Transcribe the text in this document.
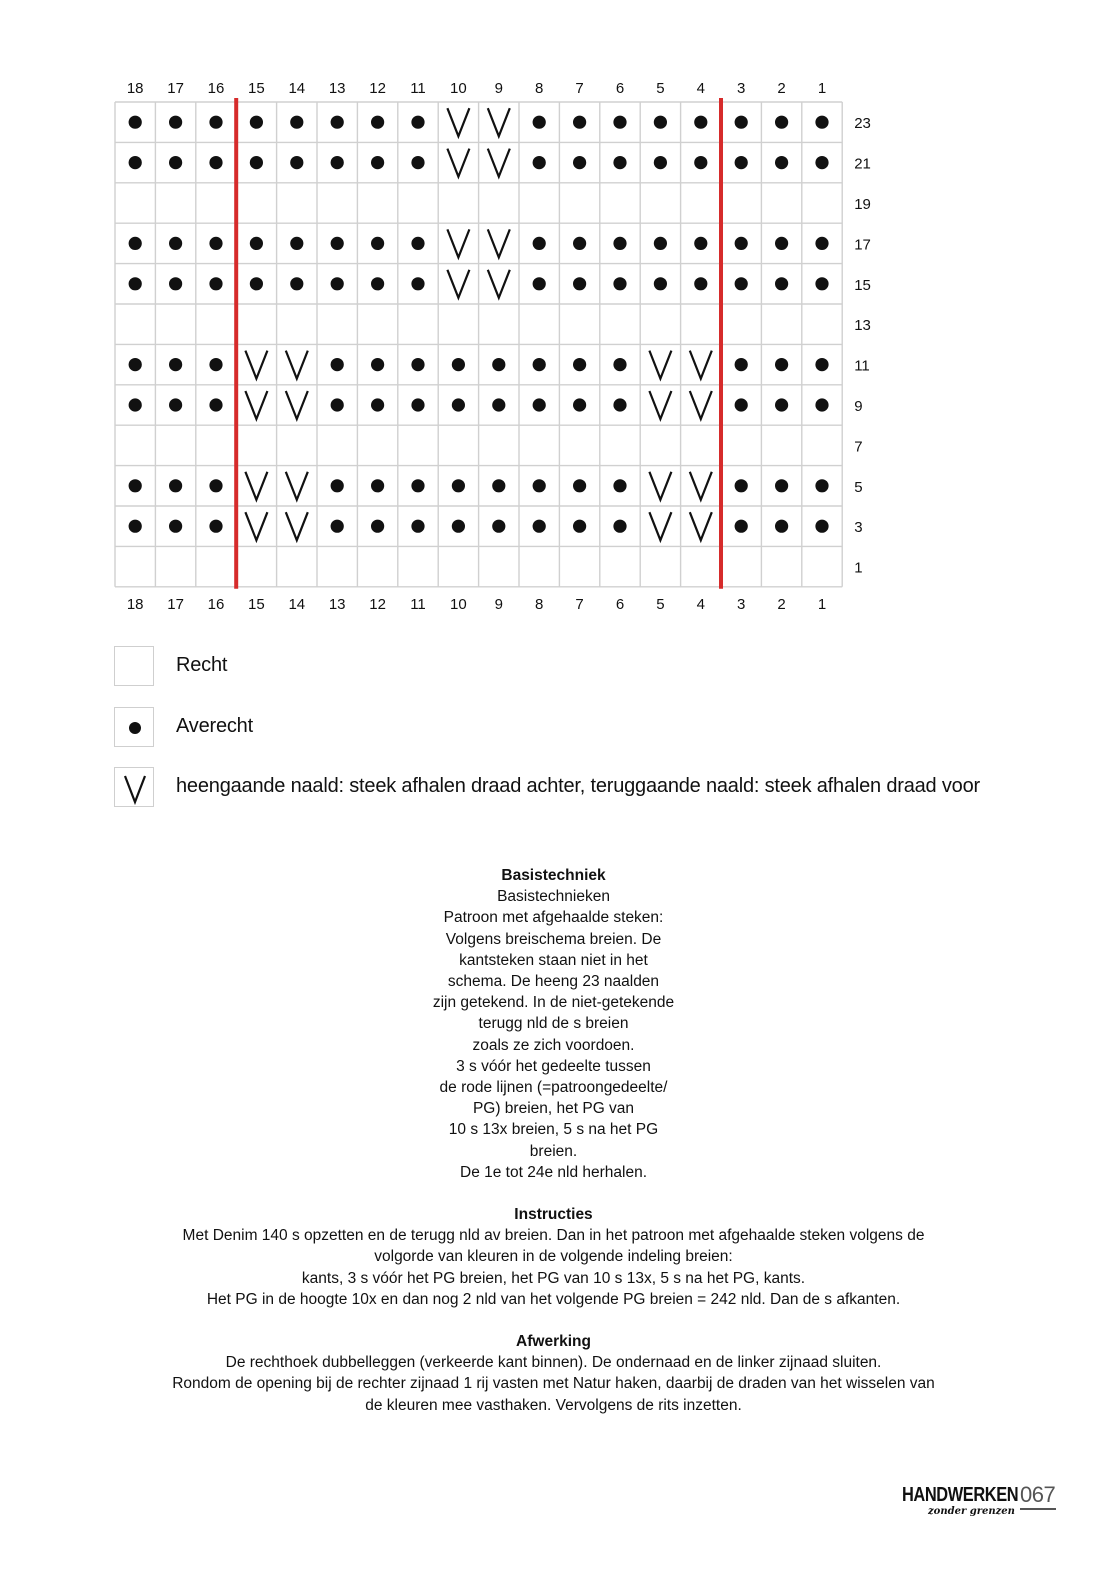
23
21
19
17
15
13
11
9
7
5
3
1
18
18
17
17
16
16
15
15
14
14
13
13
12
12
11
11
10
10
9
9
8
8
7
7
6
6
5
5
4
4
3
3
2
2
1
1
Recht
Averecht
heengaande naald: steek afhalen draad achter, teruggaande naald: steek afhalen draad voor
Basistechniek
Basistechnieken
Patroon met afgehaalde steken:
Volgens breischema breien. De
kantsteken staan niet in het
schema. De heeng 23 naalden
zijn getekend. In de niet-getekende
terugg nld de s breien
zoals ze zich voordoen.
3 s vóór het gedeelte tussen
de rode lijnen (=patroongedeelte/
PG) breien, het PG van
10 s 13x breien, 5 s na het PG
breien.
De 1e tot 24e nld herhalen.
Instructies
Met Denim 140 s opzetten en de terugg nld av breien. Dan in het patroon met afgehaalde steken volgens de
volgorde van kleuren in de volgende indeling breien:
kants, 3 s vóór het PG breien, het PG van 10 s 13x, 5 s na het PG, kants.
Het PG in de hoogte 10x en dan nog 2 nld van het volgende PG breien = 242 nld. Dan de s afkanten.
Afwerking
De rechthoek dubbelleggen (verkeerde kant binnen). De ondernaad en de linker zijnaad sluiten.
Rondom de opening bij de rechter zijnaad 1 rij vasten met Natur haken, daarbij de draden van het wisselen van
de kleuren mee vasthaken. Vervolgens de rits inzetten.
HANDWERKEN
zonder grenzen
067
